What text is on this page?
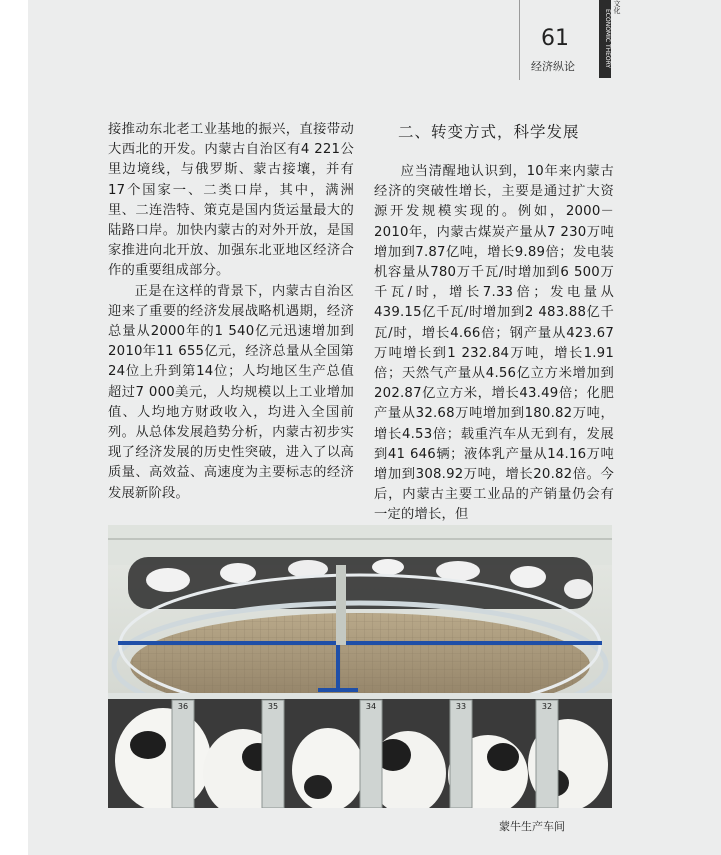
61
经济纵论	ECONOMIC THEORY
文化

接推动东北老工业基地的振兴，直接带动大西北的开发。内蒙古自治区有4 221公里边境线，与俄罗斯、蒙古接壤，并有17个国家一、二类口岸，其中，满洲里、二连浩特、策克是国内货运量最大的陆路口岸。加快内蒙古的对外开放，是国家推进向北开放、加强东北亚地区经济合作的重要组成部分。

正是在这样的背景下，内蒙古自治区迎来了重要的经济发展战略机遇期，经济总量从2000年的1 540亿元迅速增加到2010年11 655亿元，经济总量从全国第24位上升到第14位；人均地区生产总值超过7 000美元，人均规模以上工业增加值、人均地方财政收入，均进入全国前列。从总体发展趋势分析，内蒙古初步实现了经济发展的历史性突破，进入了以高质量、高效益、高速度为主要标志的经济发展新阶段。

二、转变方式，科学发展

应当清醒地认识到，10年来内蒙古经济的突破性增长，主要是通过扩大资源开发规模实现的。例如，2000－2010年，内蒙古煤炭产量从7 230万吨增加到7.87亿吨，增长9.89倍；发电装机容量从780万千瓦/时增加到6 500万千瓦/时，增长7.33倍；发电量从439.15亿千瓦/时增加到2 483.88亿千瓦/时，增长4.66倍；钢产量从423.67万吨增长到1 232.84万吨，增长1.91倍；天然气产量从4.56亿立方米增加到202.87亿立方米，增长43.49倍；化肥产量从32.68万吨增加到180.82万吨，增长4.53倍；载重汽车从无到有，发展到41 646辆；液体乳产量从14.16万吨增加到308.92万吨，增长20.82倍。今后，内蒙古主要工业品的产销量仍会有一定的增长，但

36	35	34	33	32
蒙牛生产车间
